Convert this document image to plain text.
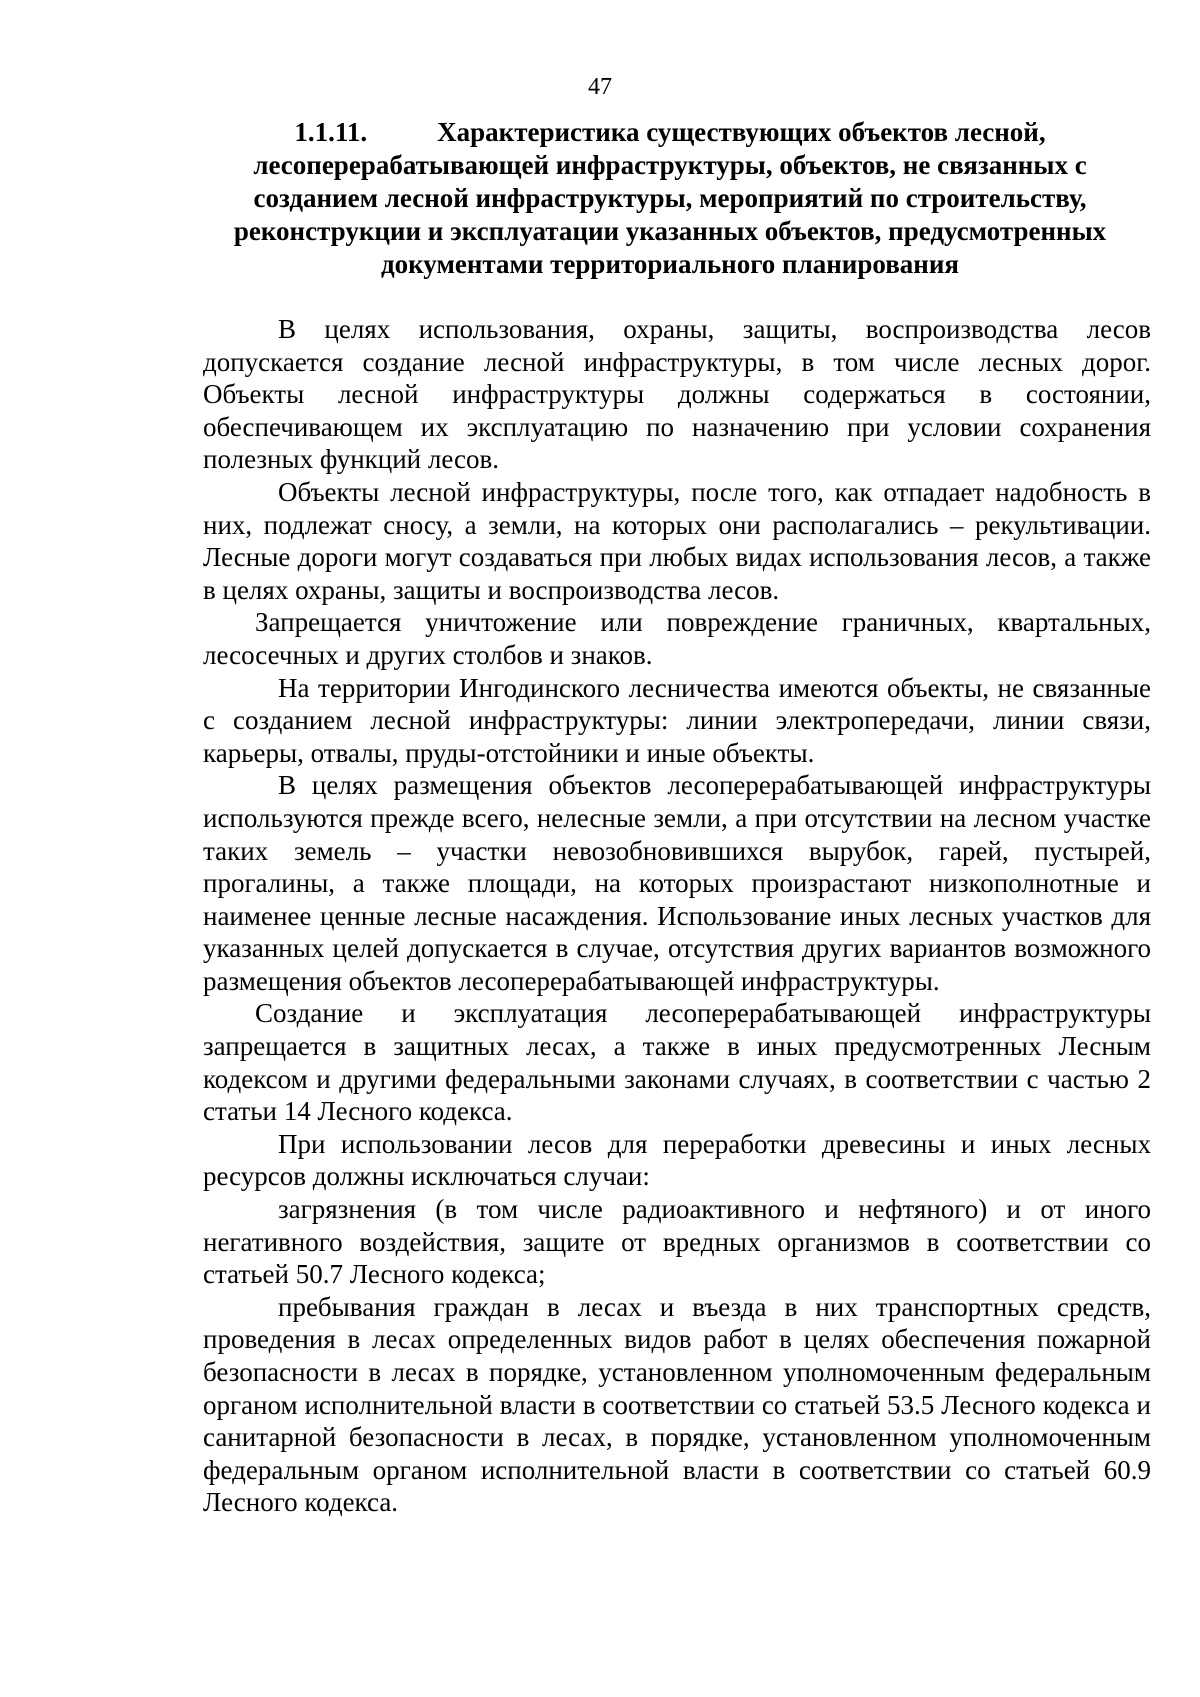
47
1.1.11.	Характеристика существующих объектов лесной,
лесоперерабатывающей инфраструктуры, объектов, не связанных с
созданием лесной инфраструктуры, мероприятий по строительству,
реконструкции и эксплуатации указанных объектов, предусмотренных
документами территориального планирования

В целях использования, охраны, защиты, воспроизводства лесов допускается создание лесной инфраструктуры, в том числе лесных дорог. Объекты лесной инфраструктуры должны содержаться в состоянии, обеспечивающем их эксплуатацию по назначению при условии сохранения полезных функций лесов.

Объекты лесной инфраструктуры, после того, как отпадает надобность в них, подлежат сносу, а земли, на которых они располагались – рекультивации. Лесные дороги могут создаваться при любых видах использования лесов, а также в целях охраны, защиты и воспроизводства лесов.

Запрещается уничтожение или повреждение граничных, квартальных, лесосечных и других столбов и знаков.

На территории Ингодинского лесничества имеются объекты, не связанные с созданием лесной инфраструктуры: линии электропередачи, линии связи, карьеры, отвалы, пруды-отстойники и иные объекты.

В целях размещения объектов лесоперерабатывающей инфраструктуры используются прежде всего, нелесные земли, а при отсутствии на лесном участке таких земель – участки невозобновившихся вырубок, гарей, пустырей, прогалины, а также площади, на которых произрастают низкополнотные и наименее ценные лесные насаждения. Использование иных лесных участков для указанных целей допускается в случае, отсутствия других вариантов возможного размещения объектов лесоперерабатывающей инфраструктуры.

Создание и эксплуатация лесоперерабатывающей инфраструктуры запрещается в защитных лесах, а также в иных предусмотренных Лесным кодексом и другими федеральными законами случаях, в соответствии с частью 2 статьи 14 Лесного кодекса.

При использовании лесов для переработки древесины и иных лесных ресурсов должны исключаться случаи:

загрязнения (в том числе радиоактивного и нефтяного) и от иного негативного воздействия, защите от вредных организмов в соответствии со статьей 50.7 Лесного кодекса;

пребывания граждан в лесах и въезда в них транспортных средств, проведения в лесах определенных видов работ в целях обеспечения пожарной безопасности в лесах в порядке, установленном уполномоченным федеральным органом исполнительной власти в соответствии со статьей 53.5 Лесного кодекса и санитарной безопасности в лесах, в порядке, установленном уполномоченным федеральным органом исполнительной власти в соответствии со статьей 60.9 Лесного кодекса.
